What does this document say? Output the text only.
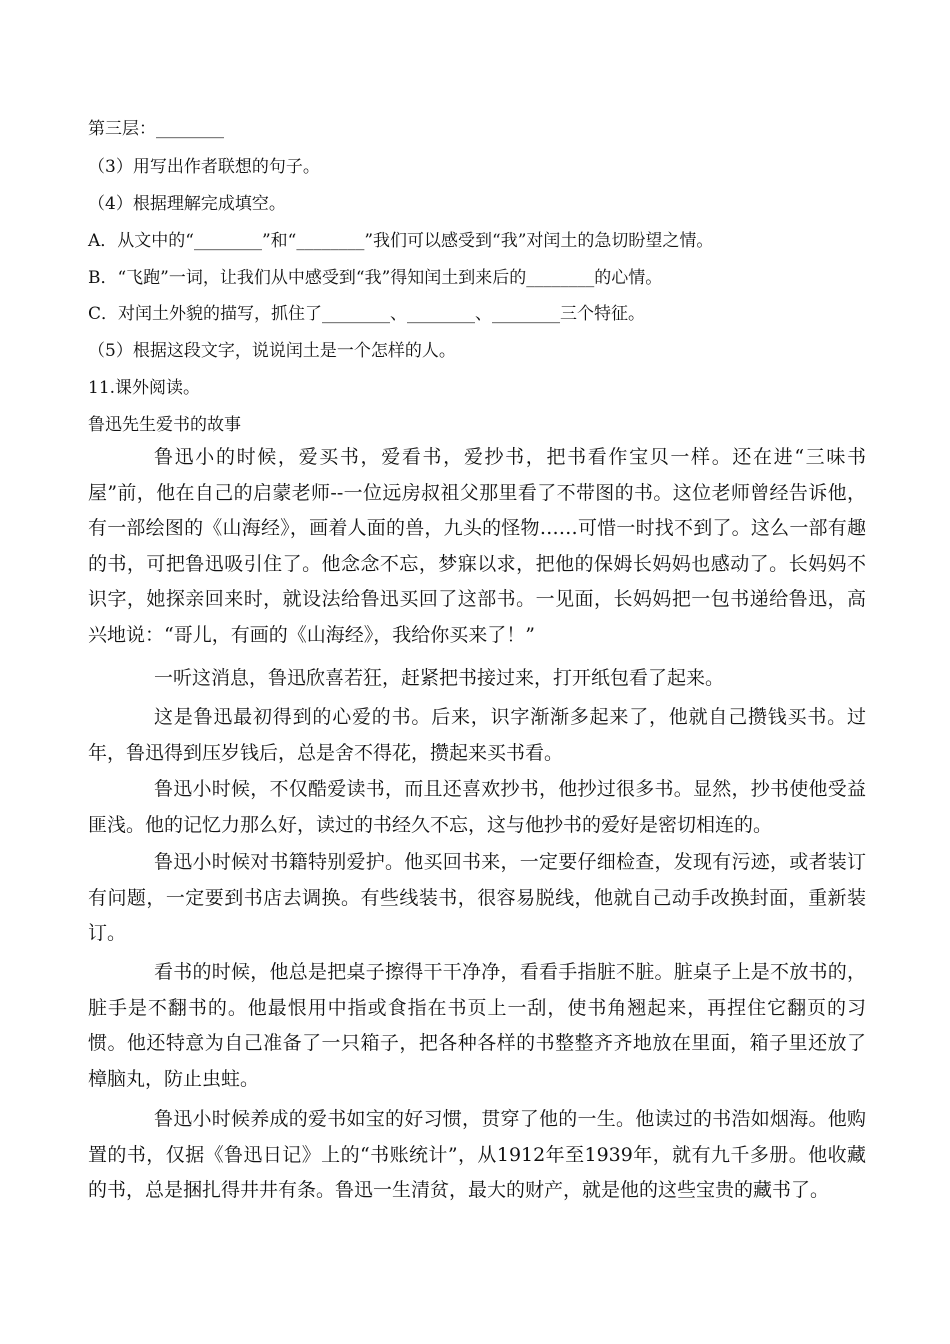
第三层：________
（3）用写出作者联想的句子。
（4）根据理解完成填空。
A．从文中的“________”和“________”我们可以感受到“我”对闰土的急切盼望之情。
B．“飞跑”一词，让我们从中感受到“我”得知闰土到来后的________的心情。
C．对闰土外貌的描写，抓住了________、________、________三个特征。
（5）根据这段文字，说说闰土是一个怎样的人。
11.课外阅读。
鲁迅先生爱书的故事

鲁迅小的时候，爱买书，爱看书，爱抄书，把书看作宝贝一样。还在进“三味书屋”前，他在自己的启蒙老师--一位远房叔祖父那里看了不带图的书。这位老师曾经告诉他，有一部绘图的《山海经》，画着人面的兽，九头的怪物……可惜一时找不到了。这么一部有趣的书，可把鲁迅吸引住了。他念念不忘，梦寐以求，把他的保姆长妈妈也感动了。长妈妈不识字，她探亲回来时，就设法给鲁迅买回了这部书。一见面，长妈妈把一包书递给鲁迅，高兴地说：“哥儿，有画的《山海经》，我给你买来了！”

一听这消息，鲁迅欣喜若狂，赶紧把书接过来，打开纸包看了起来。

这是鲁迅最初得到的心爱的书。后来，识字渐渐多起来了，他就自己攒钱买书。过年，鲁迅得到压岁钱后，总是舍不得花，攒起来买书看。

鲁迅小时候，不仅酷爱读书，而且还喜欢抄书，他抄过很多书。显然，抄书使他受益匪浅。他的记忆力那么好，读过的书经久不忘，这与他抄书的爱好是密切相连的。

鲁迅小时候对书籍特别爱护。他买回书来，一定要仔细检查，发现有污迹，或者装订有问题，一定要到书店去调换。有些线装书，很容易脱线，他就自己动手改换封面，重新装订。

看书的时候，他总是把桌子擦得干干净净，看看手指脏不脏。脏桌子上是不放书的，脏手是不翻书的。他最恨用中指或食指在书页上一刮，使书角翘起来，再捏住它翻页的习惯。他还特意为自己准备了一只箱子，把各种各样的书整整齐齐地放在里面，箱子里还放了樟脑丸，防止虫蛀。

鲁迅小时候养成的爱书如宝的好习惯，贯穿了他的一生。他读过的书浩如烟海。他购置的书，仅据《鲁迅日记》上的“书账统计”，从1912年至1939年，就有九千多册。他收藏的书，总是捆扎得井井有条。鲁迅一生清贫，最大的财产，就是他的这些宝贵的藏书了。
